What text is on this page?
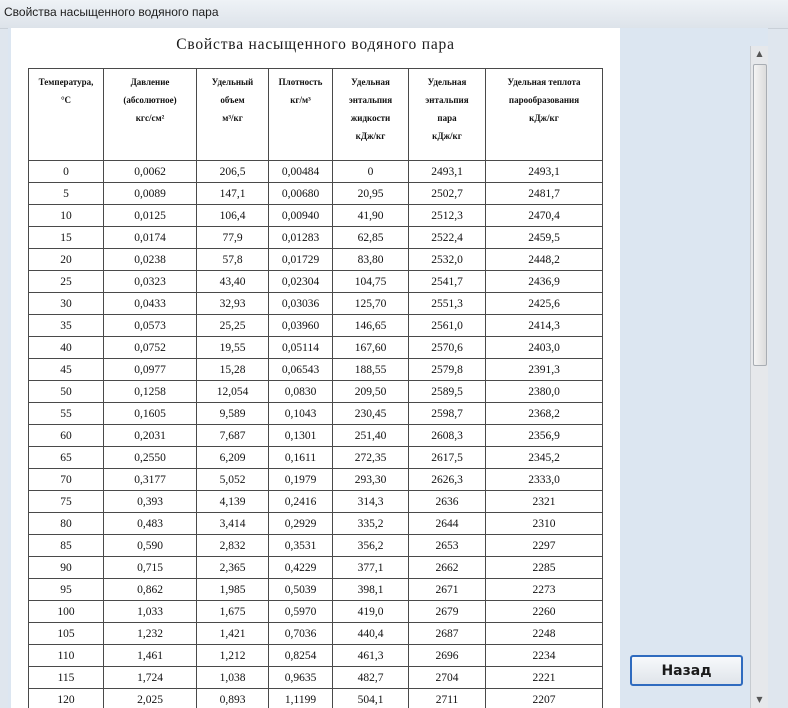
Свойства насыщенного водяного пара
Свойства насыщенного водяного пара
Температура,
°C	Давление
(абсолютное)
кгс/см²	Удельный
объем
м³/кг	Плотность
кг/м³	Удельная
энтальпия
жидкости
кДж/кг	Удельная
энтальпия
пара
кДж/кг	Удельная теплота
парообразования
кДж/кг

0	0,0062	206,5	0,00484	0	2493,1	2493,1
5	0,0089	147,1	0,00680	20,95	2502,7	2481,7
10	0,0125	106,4	0,00940	41,90	2512,3	2470,4
15	0,0174	77,9	0,01283	62,85	2522,4	2459,5
20	0,0238	57,8	0,01729	83,80	2532,0	2448,2
25	0,0323	43,40	0,02304	104,75	2541,7	2436,9
30	0,0433	32,93	0,03036	125,70	2551,3	2425,6
35	0,0573	25,25	0,03960	146,65	2561,0	2414,3
40	0,0752	19,55	0,05114	167,60	2570,6	2403,0
45	0,0977	15,28	0,06543	188,55	2579,8	2391,3
50	0,1258	12,054	0,0830	209,50	2589,5	2380,0
55	0,1605	9,589	0,1043	230,45	2598,7	2368,2
60	0,2031	7,687	0,1301	251,40	2608,3	2356,9
65	0,2550	6,209	0,1611	272,35	2617,5	2345,2
70	0,3177	5,052	0,1979	293,30	2626,3	2333,0
75	0,393	4,139	0,2416	314,3	2636	2321
80	0,483	3,414	0,2929	335,2	2644	2310
85	0,590	2,832	0,3531	356,2	2653	2297
90	0,715	2,365	0,4229	377,1	2662	2285
95	0,862	1,985	0,5039	398,1	2671	2273
100	1,033	1,675	0,5970	419,0	2679	2260
105	1,232	1,421	0,7036	440,4	2687	2248
110	1,461	1,212	0,8254	461,3	2696	2234
115	1,724	1,038	0,9635	482,7	2704	2221
120	2,025	0,893	1,1199	504,1	2711	2207
▲
▼
Назад
